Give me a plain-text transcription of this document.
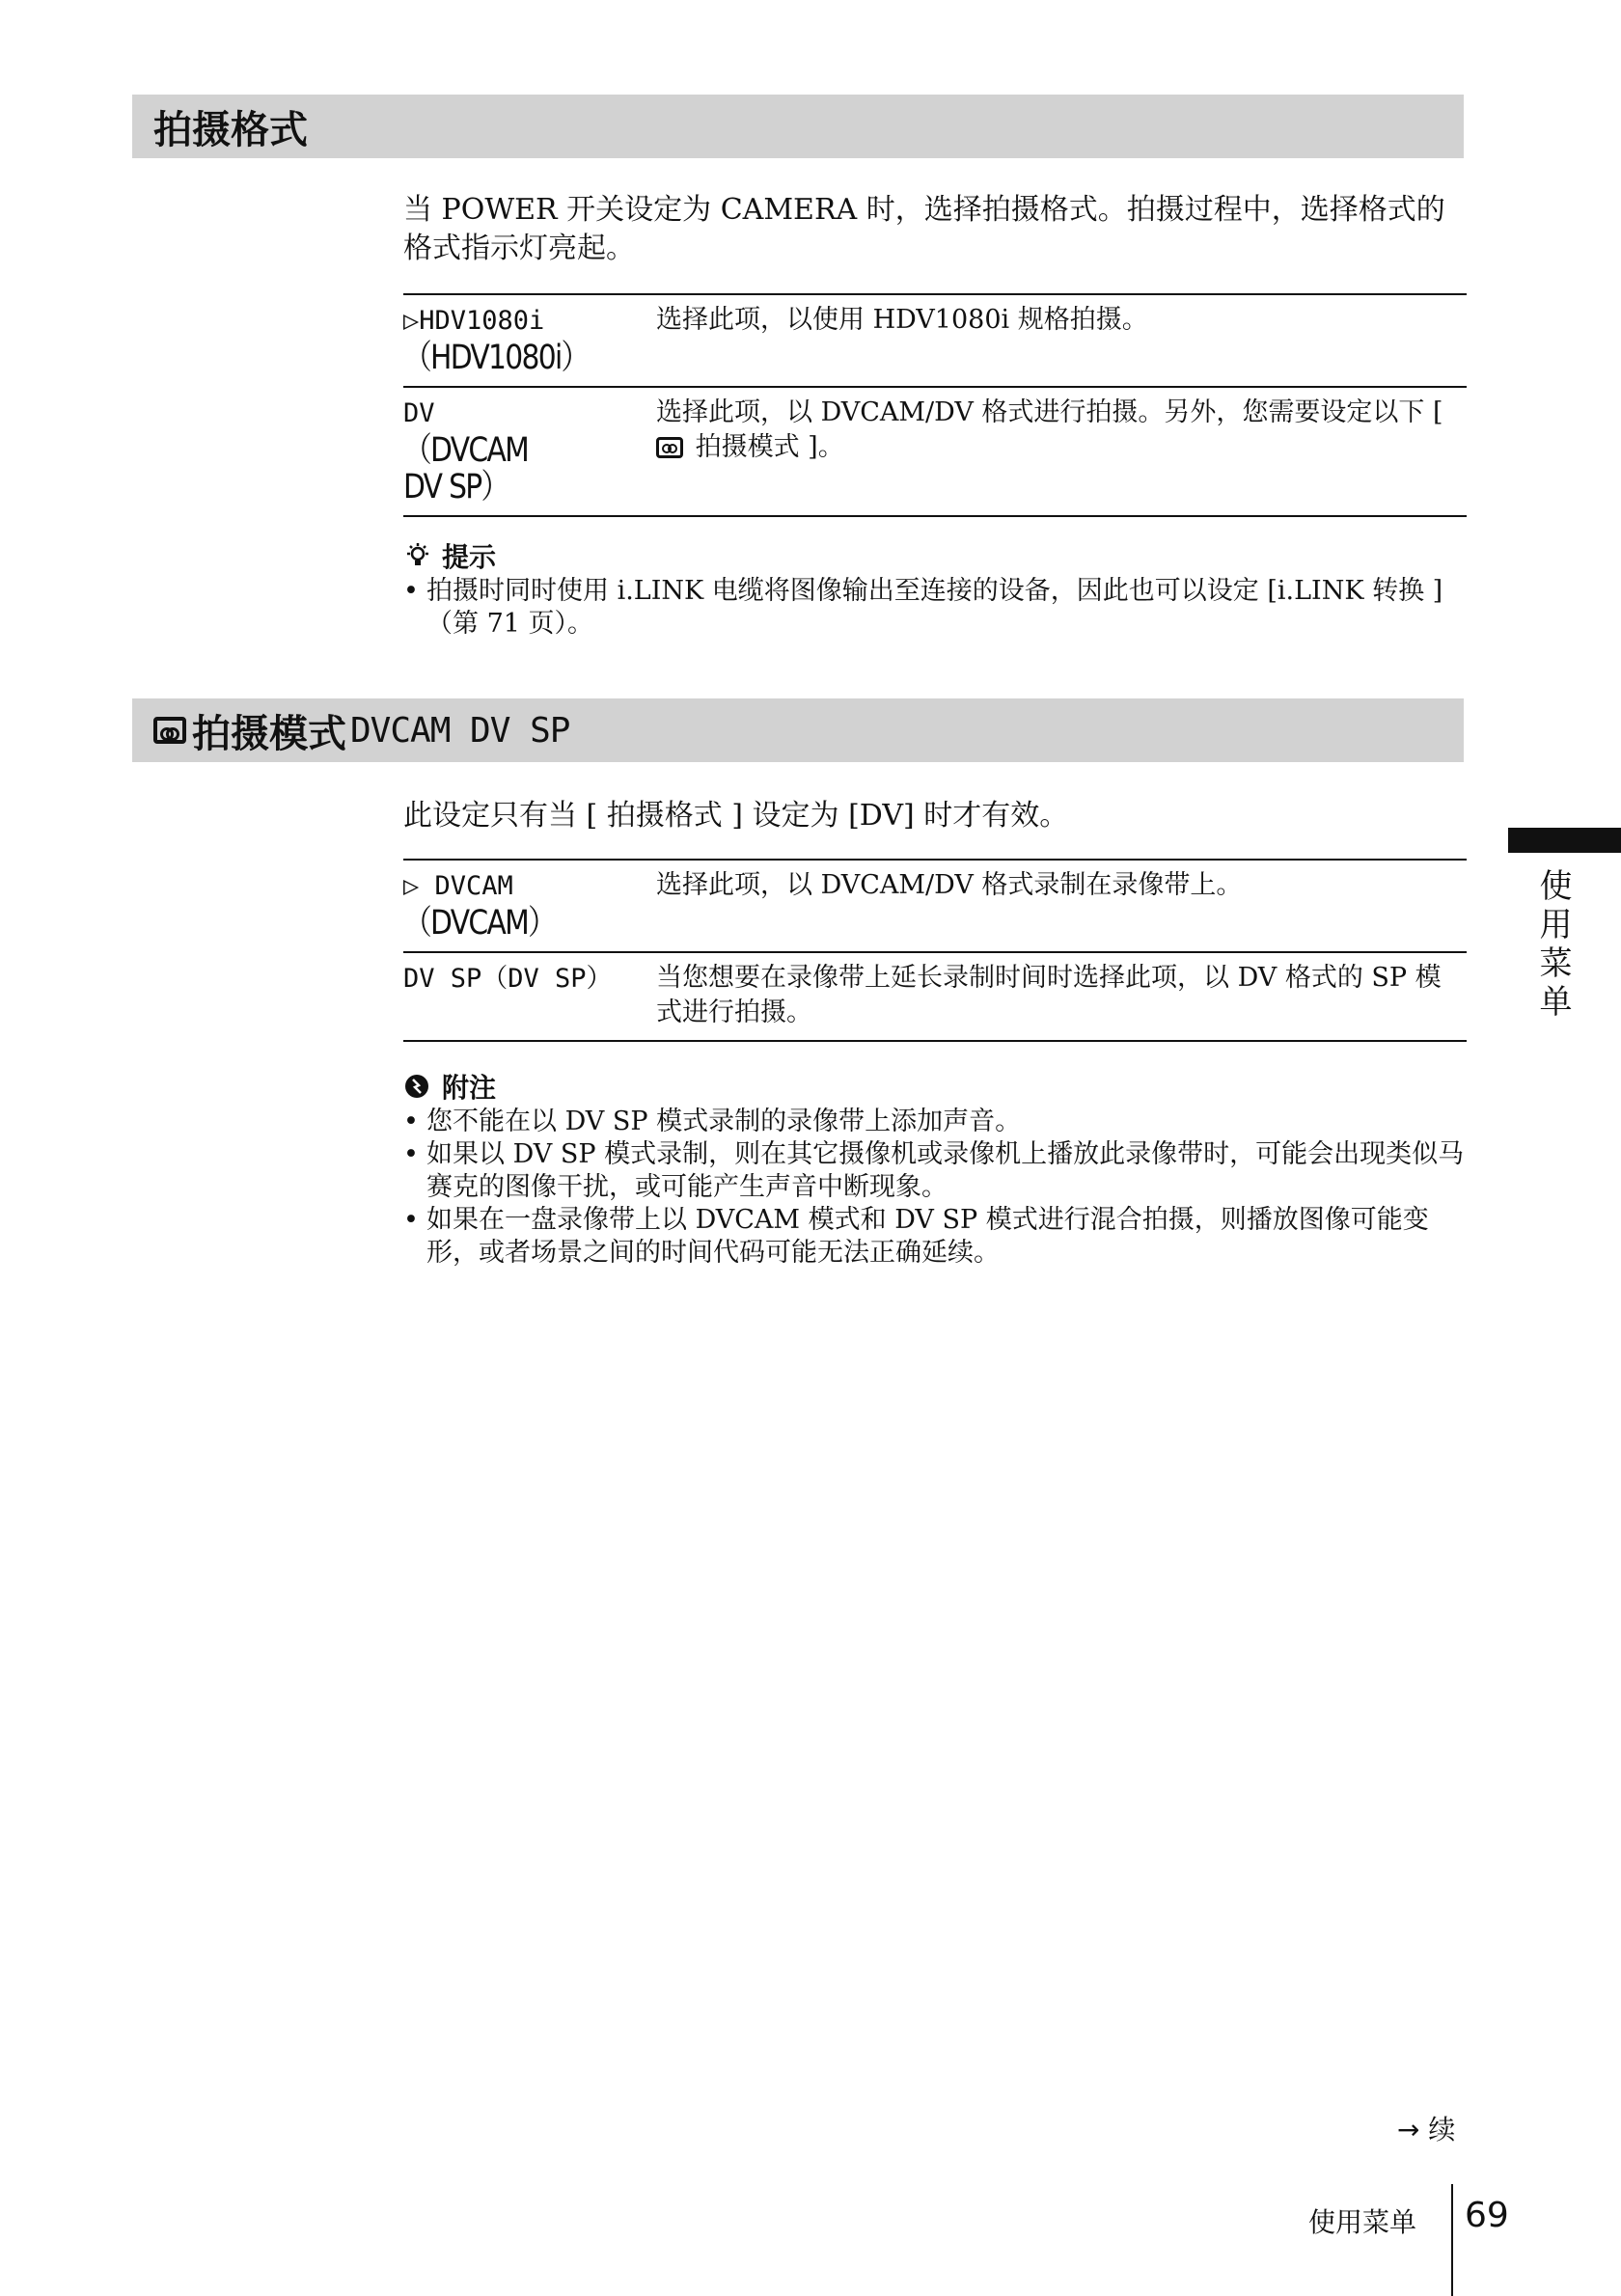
拍摄格式
当 POWER 开关设定为 CAMERA 时，选择拍摄格式。拍摄过程中，选择格式的格式指示灯亮起。
▷HDV1080i
（HDV1080i）	选择此项，以使用 HDV1080i 规格拍摄。

DV
（DVCAM
DV SP）	选择此项，以 DVCAM/DV 格式进行拍摄。另外，您需要设定以下 [ 拍摄模式 ]。
提示
• 拍摄时同时使用 i.LINK 电缆将图像输出至连接的设备，因此也可以设定 [i.LINK 转换 ]（第 71 页）。
拍摄模式 DVCAM DV SP
此设定只有当 [ 拍摄格式 ] 设定为 [DV] 时才有效。
▷ DVCAM
（DVCAM）	选择此项，以 DVCAM/DV 格式录制在录像带上。

DV SP（DV SP）	当您想要在录像带上延长录制时间时选择此项，以 DV 格式的 SP 模式进行拍摄。
附注
• 您不能在以 DV SP 模式录制的录像带上添加声音。
• 如果以 DV SP 模式录制，则在其它摄像机或录像机上播放此录像带时，可能会出现类似马赛克的图像干扰，或可能产生声音中断现象。
• 如果在一盘录像带上以 DVCAM 模式和 DV SP 模式进行混合拍摄，则播放图像可能变形，或者场景之间的时间代码可能无法正确延续。
使用菜单
→ 续
使用菜单 69
